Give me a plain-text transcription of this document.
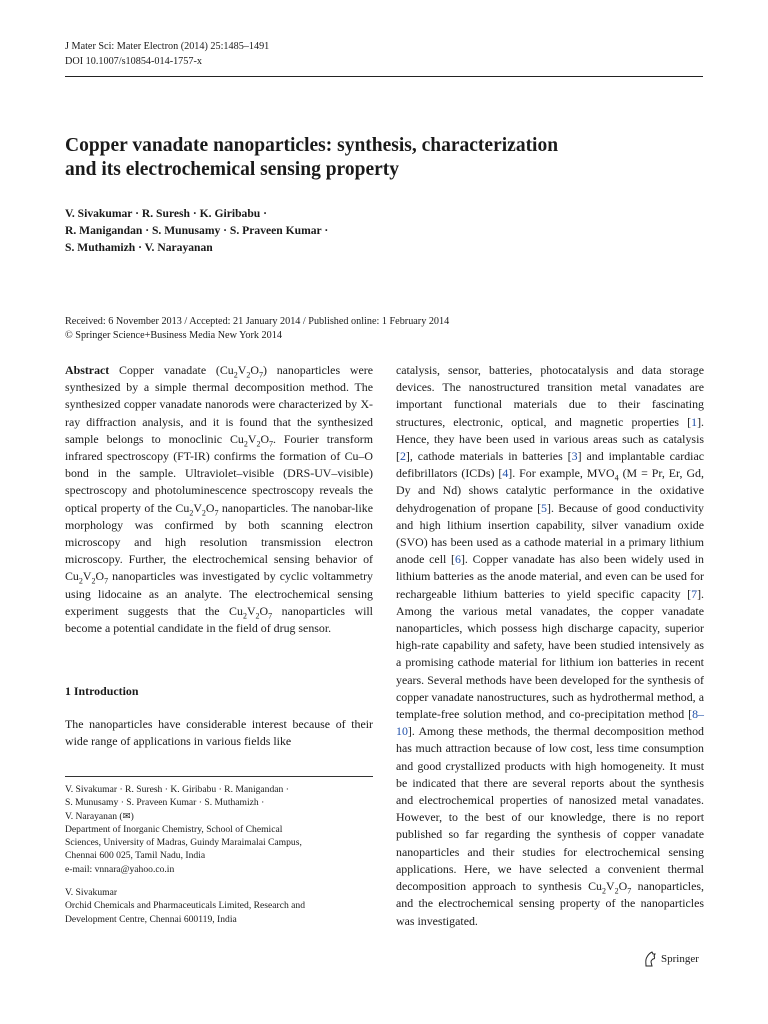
J Mater Sci: Mater Electron (2014) 25:1485–1491
DOI 10.1007/s10854-014-1757-x
Copper vanadate nanoparticles: synthesis, characterization
and its electrochemical sensing property
V. Sivakumar · R. Suresh · K. Giribabu ·
R. Manigandan · S. Munusamy · S. Praveen Kumar ·
S. Muthamizh · V. Narayanan
Received: 6 November 2013 / Accepted: 21 January 2014 / Published online: 1 February 2014
© Springer Science+Business Media New York 2014

Abstract Copper vanadate $(Cu_2V_2O_7)$ nanoparticles were synthesized by a simple thermal decomposition method. The synthesized copper vanadate nanorods were characterized by X-ray diffraction analysis, and it is found that the synthesized sample belongs to monoclinic $Cu_2V_2O_7$. Fourier transform infrared spectroscopy (FT-IR) confirms the formation of Cu–O bond in the sample. Ultraviolet–visible (DRS-UV–visible) spectroscopy and photoluminescence spectroscopy reveals the optical property of the $Cu_2V_2O_7$ nanoparticles. The nanobar-like morphology was confirmed by both scanning electron microscopy and high resolution transmission electron microscopy. Further, the electrochemical sensing behavior of $Cu_2V_2O_7$ nanoparticles was investigated by cyclic voltammetry using lidocaine as an analyte. The electrochemical sensing experiment suggests that the $Cu_2V_2O_7$ nanoparticles will become a potential candidate in the field of drug sensor.

1 Introduction

The nanoparticles have considerable interest because of their wide range of applications in various fields like

V. Sivakumar · R. Suresh · K. Giribabu · R. Manigandan ·
S. Munusamy · S. Praveen Kumar · S. Muthamizh ·
V. Narayanan (✉)
Department of Inorganic Chemistry, School of Chemical
Sciences, University of Madras, Guindy Maraimalai Campus,
Chennai 600 025, Tamil Nadu, India
e-mail: vnnara@yahoo.co.in
V. Sivakumar
Orchid Chemicals and Pharmaceuticals Limited, Research and
Development Centre, Chennai 600119, India

catalysis, sensor, batteries, photocatalysis and data storage devices. The nanostructured transition metal vanadates are important functional materials due to their fascinating structures, electronic, optical, and magnetic properties [1]. Hence, they have been used in various areas such as catalysis [2], cathode materials in batteries [3] and implantable cardiac defibrillators (ICDs) [4]. For example, $MVO_4$ (M = Pr, Er, Gd, Dy and Nd) shows catalytic performance in the oxidative dehydrogenation of propane [5]. Because of good conductivity and high lithium insertion capability, silver vanadium oxide (SVO) has been used as a cathode material in a primary lithium anode cell [6]. Copper vanadate has also been widely used in lithium batteries as the anode material, and even can be used for rechargeable lithium batteries to yield specific capacity [7]. Among the various metal vanadates, the copper vanadate nanoparticles, which possess high discharge capacity, superior high-rate capability and safety, have been studied intensively as a promising cathode material for lithium ion batteries in recent years. Several methods have been developed for the synthesis of copper vanadate nanostructures, such as hydrothermal method, a template-free solution method, and co-precipitation method [8–10]. Among these methods, the thermal decomposition method has much attraction because of low cost, less time consumption and good crystallized products with high homogeneity. It must be indicated that there are several reports about the synthesis and electrochemical properties of nanosized metal vanadates. However, to the best of our knowledge, there is no report published so far regarding the synthesis of copper vanadate nanoparticles and their studies for electrochemical sensing applications. Here, we have selected a convenient thermal decomposition approach to synthesis $Cu_2V_2O_7$ nanoparticles, and the electrochemical sensing property of the nanoparticles was investigated.

Springer
